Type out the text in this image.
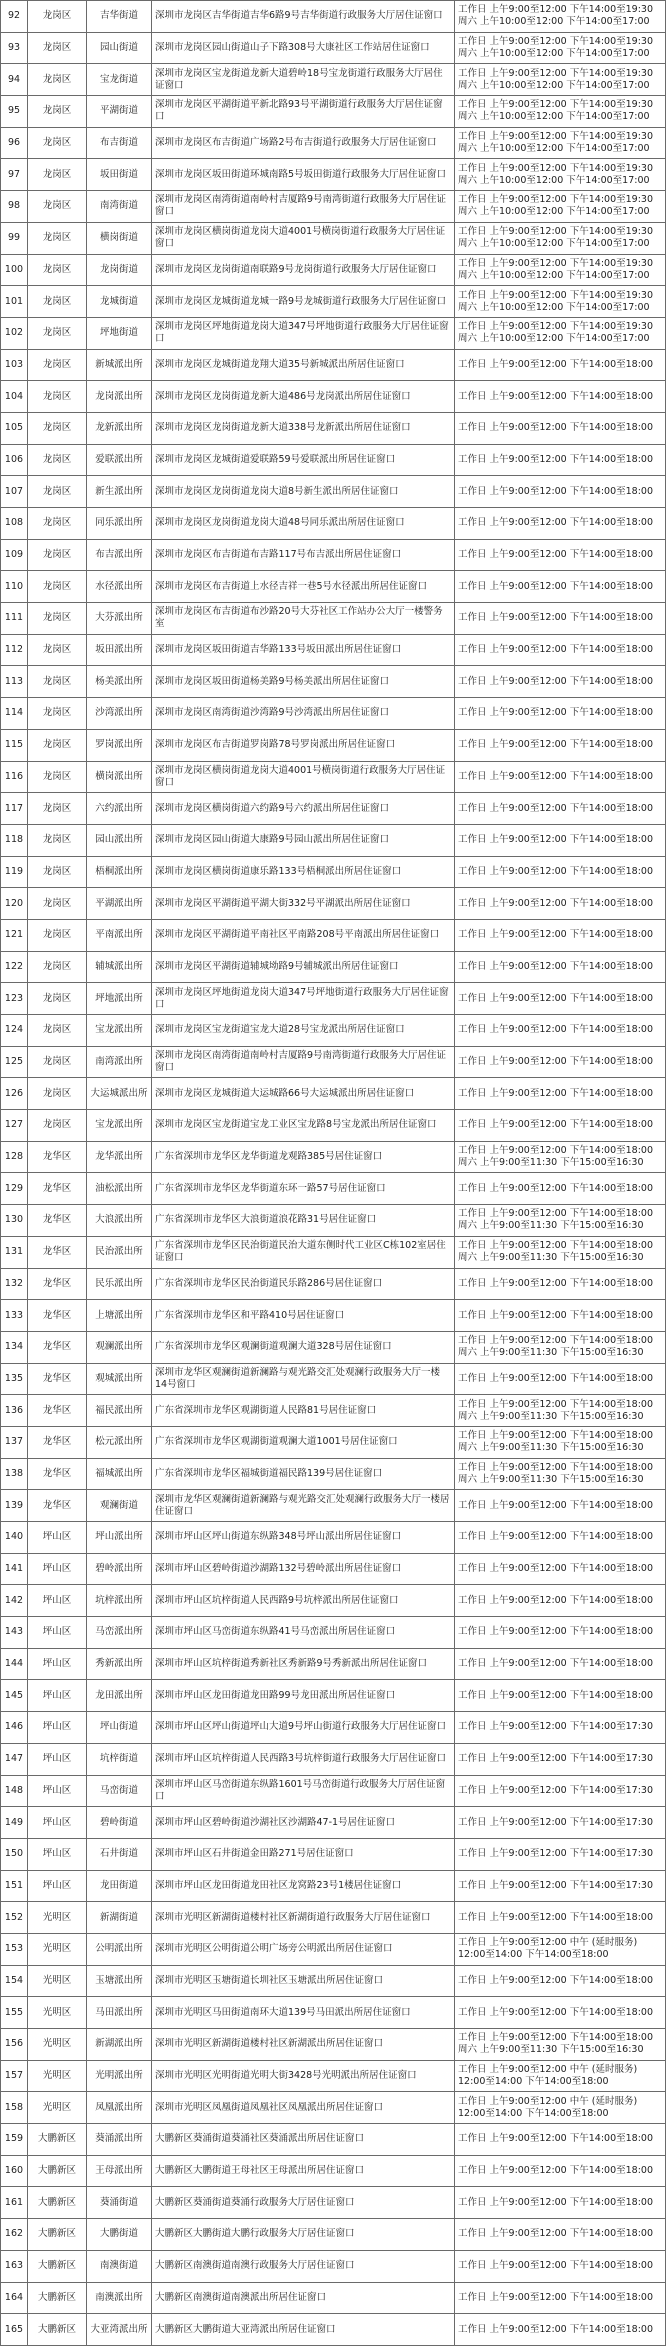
92	龙岗区	吉华街道	深圳市龙岗区吉华街道吉华6路9号吉华街道行政服务大厅居住证窗口	工作日 上午9:00至12:00 下午14:00至19:30 周六 上午10:00至12:00 下午14:00至17:00
93	龙岗区	园山街道	深圳市龙岗区园山街道山子下路308号大康社区工作站居住证窗口	工作日 上午9:00至12:00 下午14:00至19:30 周六 上午10:00至12:00 下午14:00至17:00
94	龙岗区	宝龙街道	深圳市龙岗区宝龙街道龙新大道碧岭18号宝龙街道行政服务大厅居住证窗口	工作日 上午9:00至12:00 下午14:00至19:30 周六 上午10:00至12:00 下午14:00至17:00
95	龙岗区	平湖街道	深圳市龙岗区平湖街道平新北路93号平湖街道行政服务大厅居住证窗口	工作日 上午9:00至12:00 下午14:00至19:30 周六 上午10:00至12:00 下午14:00至17:00
96	龙岗区	布吉街道	深圳市龙岗区布吉街道广场路2号布吉街道行政服务大厅居住证窗口	工作日 上午9:00至12:00 下午14:00至19:30 周六 上午10:00至12:00 下午14:00至17:00
97	龙岗区	坂田街道	深圳市龙岗区坂田街道环城南路5号坂田街道行政服务大厅居住证窗口	工作日 上午9:00至12:00 下午14:00至19:30 周六 上午10:00至12:00 下午14:00至17:00
98	龙岗区	南湾街道	深圳市龙岗区南湾街道南岭村吉厦路9号南湾街道行政服务大厅居住证窗口	工作日 上午9:00至12:00 下午14:00至19:30 周六 上午10:00至12:00 下午14:00至17:00
99	龙岗区	横岗街道	深圳市龙岗区横岗街道龙岗大道4001号横岗街道行政服务大厅居住证窗口	工作日 上午9:00至12:00 下午14:00至19:30 周六 上午10:00至12:00 下午14:00至17:00
100	龙岗区	龙岗街道	深圳市龙岗区龙岗街道南联路9号龙岗街道行政服务大厅居住证窗口	工作日 上午9:00至12:00 下午14:00至19:30 周六 上午10:00至12:00 下午14:00至17:00
101	龙岗区	龙城街道	深圳市龙岗区龙城街道龙城一路9号龙城街道行政服务大厅居住证窗口	工作日 上午9:00至12:00 下午14:00至19:30 周六 上午10:00至12:00 下午14:00至17:00
102	龙岗区	坪地街道	深圳市龙岗区坪地街道龙岗大道347号坪地街道行政服务大厅居住证窗口	工作日 上午9:00至12:00 下午14:00至19:30 周六 上午10:00至12:00 下午14:00至17:00
103	龙岗区	新城派出所	深圳市龙岗区龙城街道龙翔大道35号新城派出所居住证窗口	工作日 上午9:00至12:00 下午14:00至18:00
104	龙岗区	龙岗派出所	深圳市龙岗区龙岗街道龙新大道486号龙岗派出所居住证窗口	工作日 上午9:00至12:00 下午14:00至18:00
105	龙岗区	龙新派出所	深圳市龙岗区龙岗街道龙新大道338号龙新派出所居住证窗口	工作日 上午9:00至12:00 下午14:00至18:00
106	龙岗区	爱联派出所	深圳市龙岗区龙城街道爱联路59号爱联派出所居住证窗口	工作日 上午9:00至12:00 下午14:00至18:00
107	龙岗区	新生派出所	深圳市龙岗区龙岗街道龙岗大道8号新生派出所居住证窗口	工作日 上午9:00至12:00 下午14:00至18:00
108	龙岗区	同乐派出所	深圳市龙岗区龙岗街道龙岗大道48号同乐派出所居住证窗口	工作日 上午9:00至12:00 下午14:00至18:00
109	龙岗区	布吉派出所	深圳市龙岗区布吉街道布吉路117号布吉派出所居住证窗口	工作日 上午9:00至12:00 下午14:00至18:00
110	龙岗区	水径派出所	深圳市龙岗区布吉街道上水径吉祥一巷5号水径派出所居住证窗口	工作日 上午9:00至12:00 下午14:00至18:00
111	龙岗区	大芬派出所	深圳市龙岗区布吉街道布沙路20号大芬社区工作站办公大厅一楼警务室	工作日 上午9:00至12:00 下午14:00至18:00
112	龙岗区	坂田派出所	深圳市龙岗区坂田街道吉华路133号坂田派出所居住证窗口	工作日 上午9:00至12:00 下午14:00至18:00
113	龙岗区	杨美派出所	深圳市龙岗区坂田街道杨美路9号杨美派出所居住证窗口	工作日 上午9:00至12:00 下午14:00至18:00
114	龙岗区	沙湾派出所	深圳市龙岗区南湾街道沙湾路9号沙湾派出所居住证窗口	工作日 上午9:00至12:00 下午14:00至18:00
115	龙岗区	罗岗派出所	深圳市龙岗区布吉街道罗岗路78号罗岗派出所居住证窗口	工作日 上午9:00至12:00 下午14:00至18:00
116	龙岗区	横岗派出所	深圳市龙岗区横岗街道龙岗大道4001号横岗街道行政服务大厅居住证窗口	工作日 上午9:00至12:00 下午14:00至18:00
117	龙岗区	六约派出所	深圳市龙岗区横岗街道六约路9号六约派出所居住证窗口	工作日 上午9:00至12:00 下午14:00至18:00
118	龙岗区	园山派出所	深圳市龙岗区园山街道大康路9号园山派出所居住证窗口	工作日 上午9:00至12:00 下午14:00至18:00
119	龙岗区	梧桐派出所	深圳市龙岗区横岗街道康乐路133号梧桐派出所居住证窗口	工作日 上午9:00至12:00 下午14:00至18:00
120	龙岗区	平湖派出所	深圳市龙岗区平湖街道平湖大街332号平湖派出所居住证窗口	工作日 上午9:00至12:00 下午14:00至18:00
121	龙岗区	平南派出所	深圳市龙岗区平湖街道平南社区平南路208号平南派出所居住证窗口	工作日 上午9:00至12:00 下午14:00至18:00
122	龙岗区	辅城派出所	深圳市龙岗区平湖街道辅城坳路9号辅城派出所居住证窗口	工作日 上午9:00至12:00 下午14:00至18:00
123	龙岗区	坪地派出所	深圳市龙岗区坪地街道龙岗大道347号坪地街道行政服务大厅居住证窗口	工作日 上午9:00至12:00 下午14:00至18:00
124	龙岗区	宝龙派出所	深圳市龙岗区宝龙街道宝龙大道28号宝龙派出所居住证窗口	工作日 上午9:00至12:00 下午14:00至18:00
125	龙岗区	南湾派出所	深圳市龙岗区南湾街道南岭村吉厦路9号南湾街道行政服务大厅居住证窗口	工作日 上午9:00至12:00 下午14:00至18:00
126	龙岗区	大运城派出所	深圳市龙岗区龙城街道大运城路66号大运城派出所居住证窗口	工作日 上午9:00至12:00 下午14:00至18:00
127	龙岗区	宝龙派出所	深圳市龙岗区宝龙街道宝龙工业区宝龙路8号宝龙派出所居住证窗口	工作日 上午9:00至12:00 下午14:00至18:00
128	龙华区	龙华派出所	广东省深圳市龙华区龙华街道龙观路385号居住证窗口	工作日 上午9:00至12:00 下午14:00至18:00 周六 上午9:00至11:30 下午15:00至16:30
129	龙华区	油松派出所	广东省深圳市龙华区龙华街道东环一路57号居住证窗口	工作日 上午9:00至12:00 下午14:00至18:00
130	龙华区	大浪派出所	广东省深圳市龙华区大浪街道浪花路31号居住证窗口	工作日 上午9:00至12:00 下午14:00至18:00 周六 上午9:00至11:30 下午15:00至16:30
131	龙华区	民治派出所	广东省深圳市龙华区民治街道民治大道东侧时代工业区C栋102室居住证窗口	工作日 上午9:00至12:00 下午14:00至18:00 周六 上午9:00至11:30 下午15:00至16:30
132	龙华区	民乐派出所	广东省深圳市龙华区民治街道民乐路286号居住证窗口	工作日 上午9:00至12:00 下午14:00至18:00
133	龙华区	上塘派出所	广东省深圳市龙华区和平路410号居住证窗口	工作日 上午9:00至12:00 下午14:00至18:00
134	龙华区	观澜派出所	广东省深圳市龙华区观澜街道观澜大道328号居住证窗口	工作日 上午9:00至12:00 下午14:00至18:00 周六 上午9:00至11:30 下午15:00至16:30
135	龙华区	观城派出所	深圳市龙华区观澜街道新澜路与观光路交汇处观澜行政服务大厅一楼14号窗口	工作日 上午9:00至12:00 下午14:00至18:00
136	龙华区	福民派出所	广东省深圳市龙华区观湖街道人民路81号居住证窗口	工作日 上午9:00至12:00 下午14:00至18:00 周六 上午9:00至11:30 下午15:00至16:30
137	龙华区	松元派出所	广东省深圳市龙华区观湖街道观澜大道1001号居住证窗口	工作日 上午9:00至12:00 下午14:00至18:00 周六 上午9:00至11:30 下午15:00至16:30
138	龙华区	福城派出所	广东省深圳市龙华区福城街道福民路139号居住证窗口	工作日 上午9:00至12:00 下午14:00至18:00 周六 上午9:00至11:30 下午15:00至16:30
139	龙华区	观澜街道	深圳市龙华区观澜街道新澜路与观光路交汇处观澜行政服务大厅一楼居住证窗口	工作日 上午9:00至12:00 下午14:00至18:00
140	坪山区	坪山派出所	深圳市坪山区坪山街道东纵路348号坪山派出所居住证窗口	工作日 上午9:00至12:00 下午14:00至18:00
141	坪山区	碧岭派出所	深圳市坪山区碧岭街道沙湖路132号碧岭派出所居住证窗口	工作日 上午9:00至12:00 下午14:00至18:00
142	坪山区	坑梓派出所	深圳市坪山区坑梓街道人民西路9号坑梓派出所居住证窗口	工作日 上午9:00至12:00 下午14:00至18:00
143	坪山区	马峦派出所	深圳市坪山区马峦街道东纵路41号马峦派出所居住证窗口	工作日 上午9:00至12:00 下午14:00至18:00
144	坪山区	秀新派出所	深圳市坪山区坑梓街道秀新社区秀新路9号秀新派出所居住证窗口	工作日 上午9:00至12:00 下午14:00至18:00
145	坪山区	龙田派出所	深圳市坪山区龙田街道龙田路99号龙田派出所居住证窗口	工作日 上午9:00至12:00 下午14:00至18:00
146	坪山区	坪山街道	深圳市坪山区坪山街道坪山大道9号坪山街道行政服务大厅居住证窗口	工作日 上午9:00至12:00 下午14:00至17:30
147	坪山区	坑梓街道	深圳市坪山区坑梓街道人民西路3号坑梓街道行政服务大厅居住证窗口	工作日 上午9:00至12:00 下午14:00至17:30
148	坪山区	马峦街道	深圳市坪山区马峦街道东纵路1601号马峦街道行政服务大厅居住证窗口	工作日 上午9:00至12:00 下午14:00至17:30
149	坪山区	碧岭街道	深圳市坪山区碧岭街道沙湖社区沙湖路47-1号居住证窗口	工作日 上午9:00至12:00 下午14:00至17:30
150	坪山区	石井街道	深圳市坪山区石井街道金田路271号居住证窗口	工作日 上午9:00至12:00 下午14:00至17:30
151	坪山区	龙田街道	深圳市坪山区龙田街道龙田社区龙窝路23号1楼居住证窗口	工作日 上午9:00至12:00 下午14:00至17:30
152	光明区	新湖街道	深圳市光明区新湖街道楼村社区新湖街道行政服务大厅居住证窗口	工作日 上午9:00至12:00 下午14:00至18:00
153	光明区	公明派出所	深圳市光明区公明街道公明广场旁公明派出所居住证窗口	工作日 上午9:00至12:00 中午 (延时服务) 12:00至14:00 下午14:00至18:00
154	光明区	玉塘派出所	深圳市光明区玉塘街道长圳社区玉塘派出所居住证窗口	工作日 上午9:00至12:00 下午14:00至18:00
155	光明区	马田派出所	深圳市光明区马田街道南环大道139号马田派出所居住证窗口	工作日 上午9:00至12:00 下午14:00至18:00
156	光明区	新湖派出所	深圳市光明区新湖街道楼村社区新湖派出所居住证窗口	工作日 上午9:00至12:00 下午14:00至18:00 周六 上午9:00至11:30 下午15:00至16:30
157	光明区	光明派出所	深圳市光明区光明街道光明大街3428号光明派出所居住证窗口	工作日 上午9:00至12:00 中午 (延时服务) 12:00至14:00 下午14:00至18:00
158	光明区	凤凰派出所	深圳市光明区凤凰街道凤凰社区凤凰派出所居住证窗口	工作日 上午9:00至12:00 中午 (延时服务) 12:00至14:00 下午14:00至18:00
159	大鹏新区	葵涌派出所	大鹏新区葵涌街道葵涌社区葵涌派出所居住证窗口	工作日 上午9:00至12:00 下午14:00至18:00
160	大鹏新区	王母派出所	大鹏新区大鹏街道王母社区王母派出所居住证窗口	工作日 上午9:00至12:00 下午14:00至18:00
161	大鹏新区	葵涌街道	大鹏新区葵涌街道葵涌行政服务大厅居住证窗口	工作日 上午9:00至12:00 下午14:00至18:00
162	大鹏新区	大鹏街道	大鹏新区大鹏街道大鹏行政服务大厅居住证窗口	工作日 上午9:00至12:00 下午14:00至18:00
163	大鹏新区	南澳街道	大鹏新区南澳街道南澳行政服务大厅居住证窗口	工作日 上午9:00至12:00 下午14:00至18:00
164	大鹏新区	南澳派出所	大鹏新区南澳街道南澳派出所居住证窗口	工作日 上午9:00至12:00 下午14:00至18:00
165	大鹏新区	大亚湾派出所	大鹏新区大鹏街道大亚湾派出所居住证窗口	工作日 上午9:00至12:00 下午14:00至18:00
